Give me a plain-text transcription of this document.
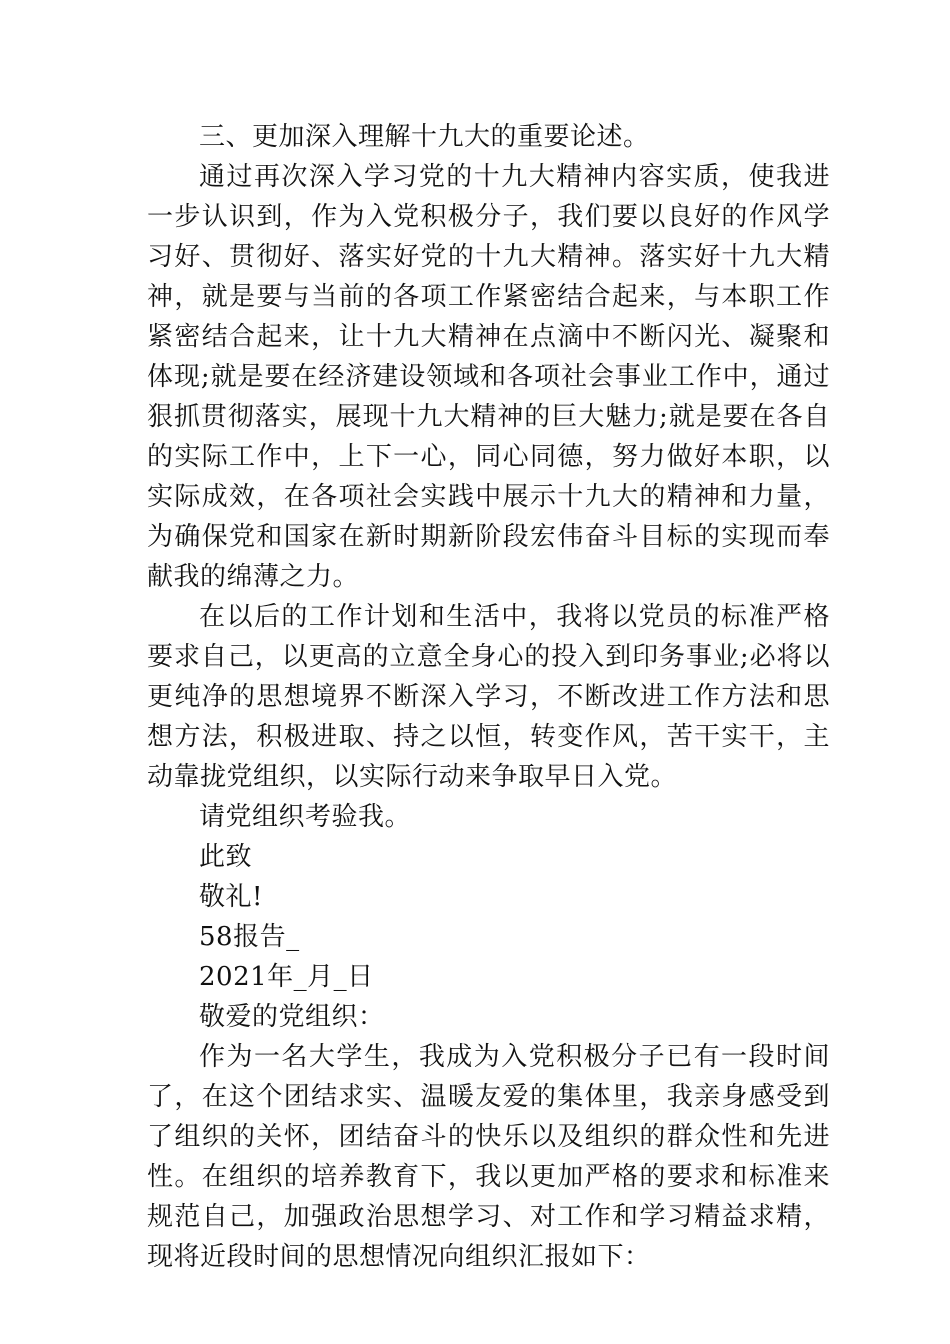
三、更加深入理解十九大的重要论述。

通过再次深入学习党的十九大精神内容实质，使我进一步认识到，作为入党积极分子，我们要以良好的作风学习好、贯彻好、落实好党的十九大精神。落实好十九大精神，就是要与当前的各项工作紧密结合起来，与本职工作紧密结合起来，让十九大精神在点滴中不断闪光、凝聚和体现;就是要在经济建设领域和各项社会事业工作中，通过狠抓贯彻落实，展现十九大精神的巨大魅力;就是要在各自的实际工作中，上下一心，同心同德，努力做好本职，以实际成效，在各项社会实践中展示十九大的精神和力量，为确保党和国家在新时期新阶段宏伟奋斗目标的实现而奉献我的绵薄之力。

在以后的工作计划和生活中，我将以党员的标准严格要求自己，以更高的立意全身心的投入到印务事业;必将以更纯净的思想境界不断深入学习，不断改进工作方法和思想方法，积极进取、持之以恒，转变作风，苦干实干，主动靠拢党组织，以实际行动来争取早日入党。

请党组织考验我。

此致

敬礼!

58报告_

2021年_月_日

敬爱的党组织：

作为一名大学生，我成为入党积极分子已有一段时间了，在这个团结求实、温暖友爱的集体里，我亲身感受到了组织的关怀，团结奋斗的快乐以及组织的群众性和先进性。在组织的培养教育下，我以更加严格的要求和标准来规范自己，加强政治思想学习、对工作和学习精益求精，现将近段时间的思想情况向组织汇报如下：
